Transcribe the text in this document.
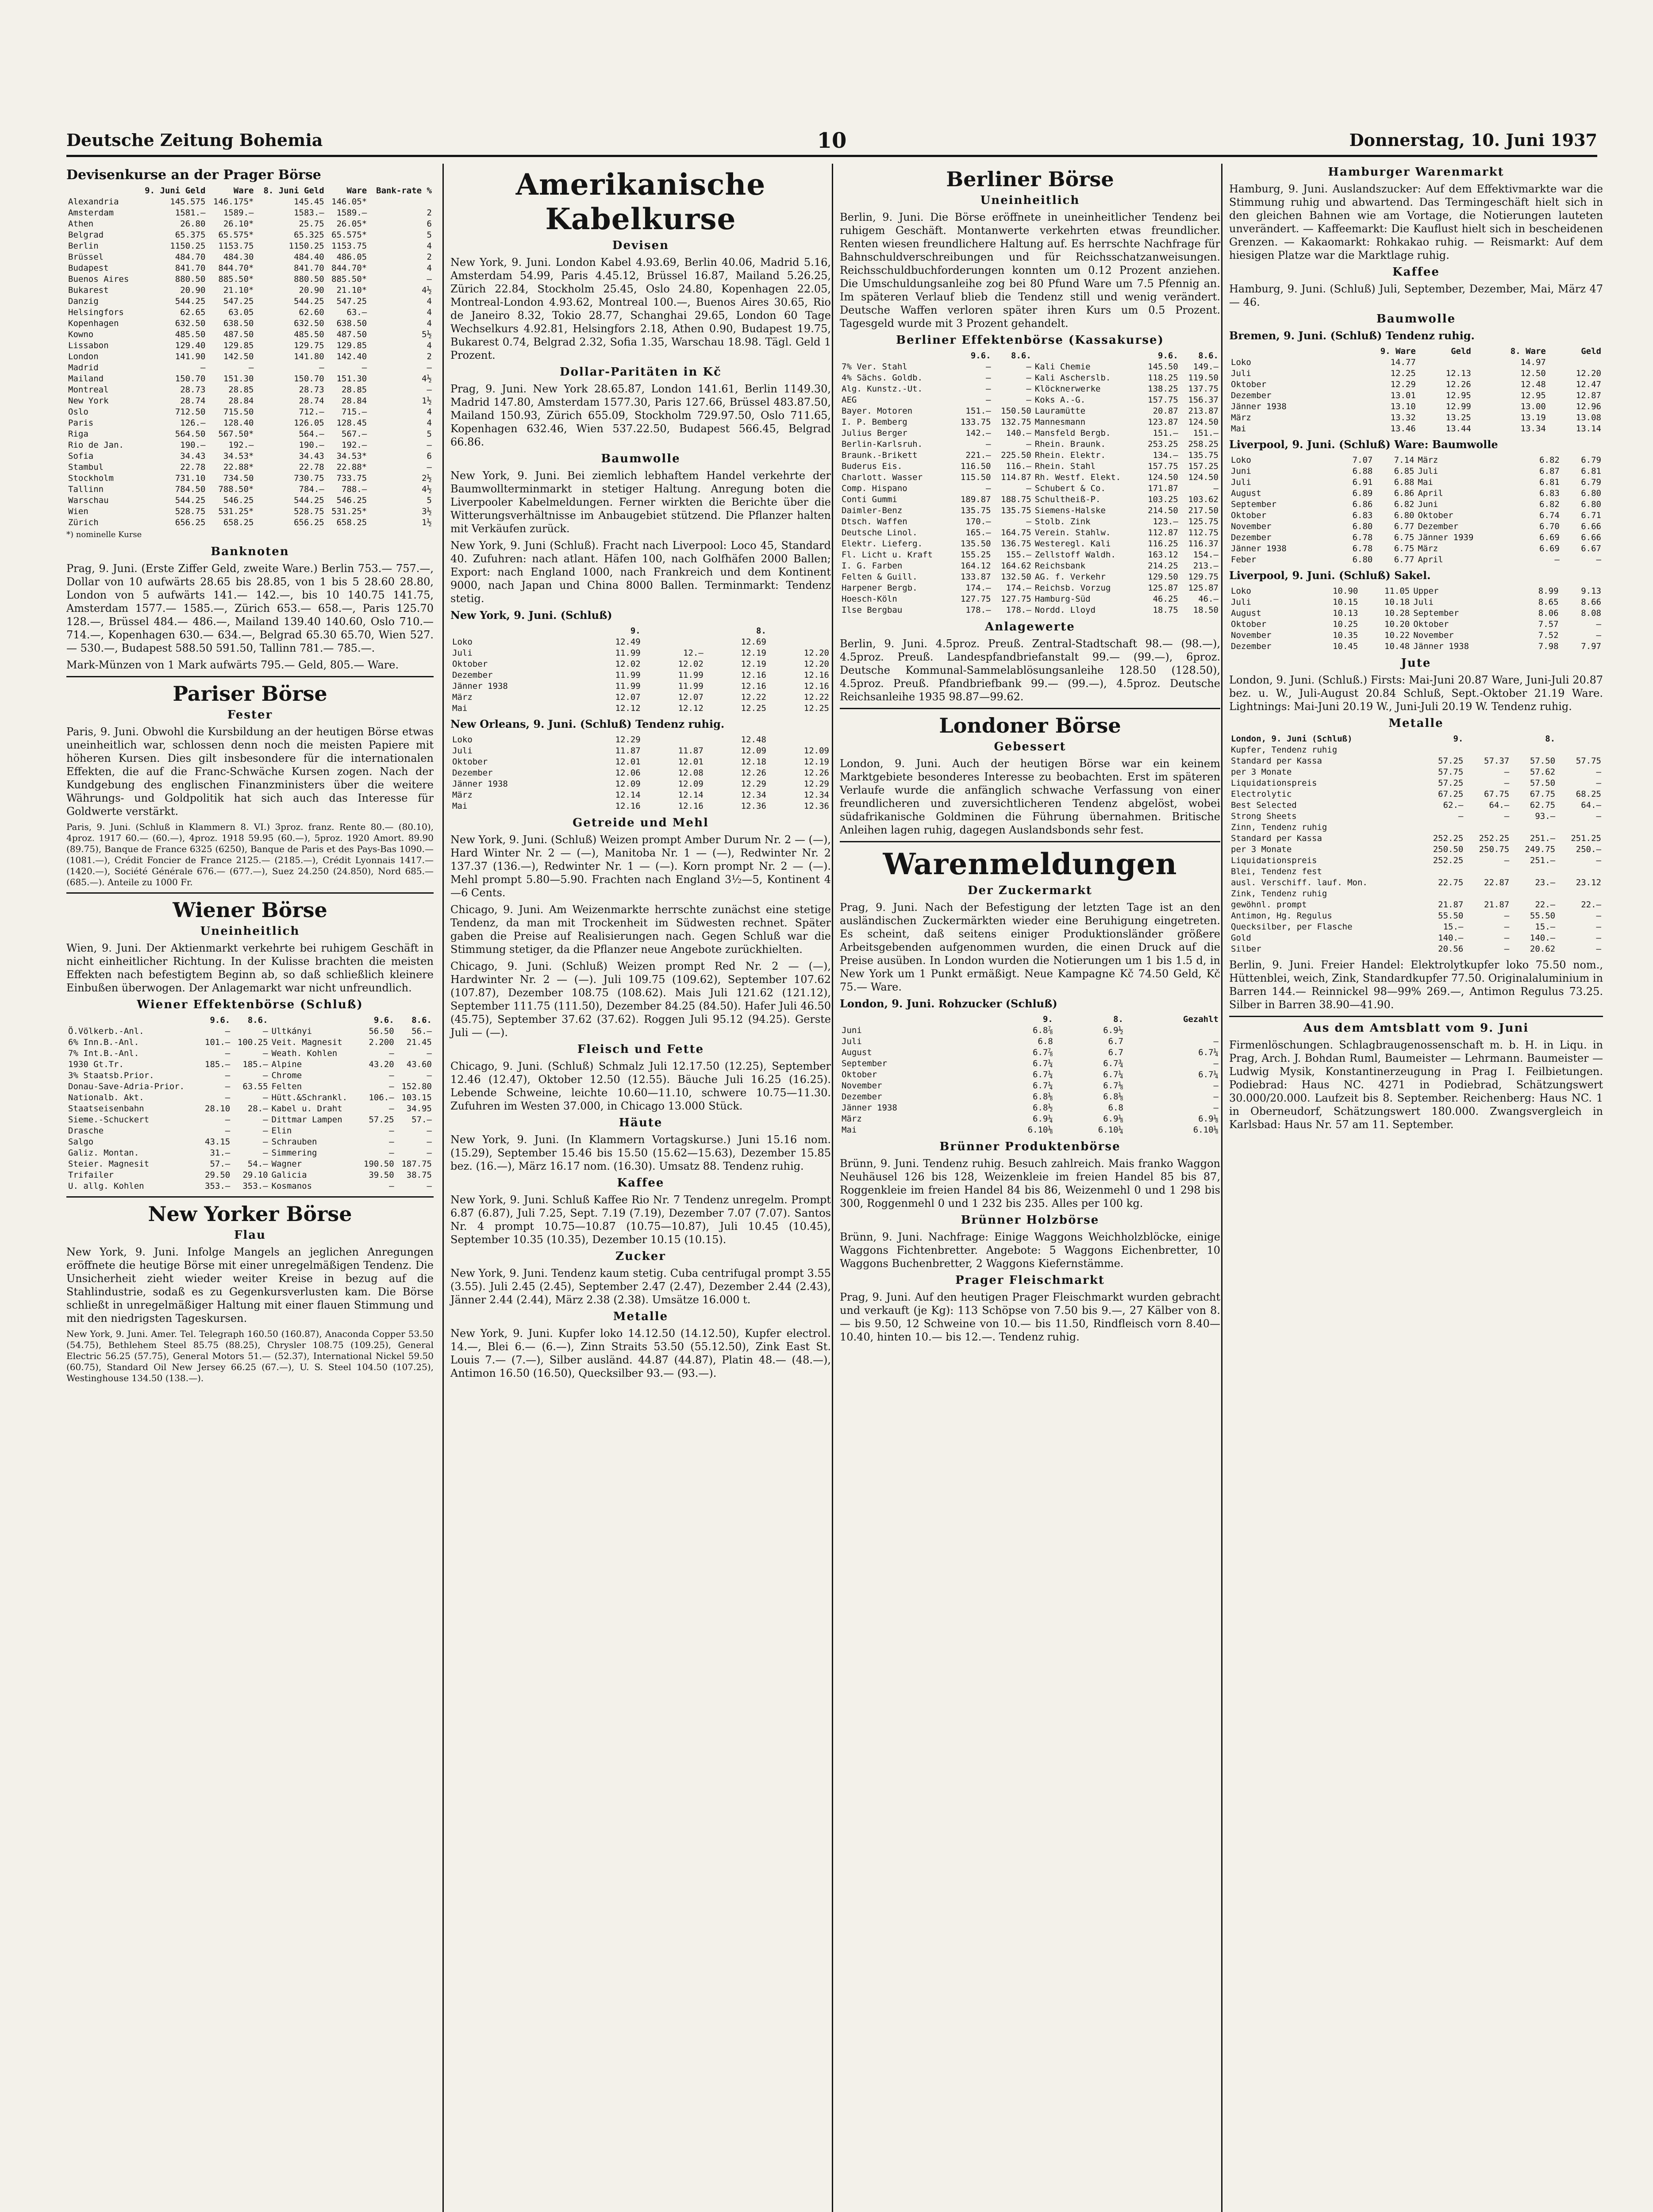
Deutsche Zeitung Bohemia	10	Donnerstag, 10. Juni 1937
Devisenkurse an der Prager Börse
	9. Juni Geld	Ware	8. Juni Geld	Ware	Bank-rate %
Alexandria	145.575	146.175*	145.45	146.05*	
Amsterdam	1581.—	1589.—	1583.—	1589.—	2
Athen	26.80	26.10*	25.75	26.05*	6
Belgrad	65.375	65.575*	65.325	65.575*	5
Berlin	1150.25	1153.75	1150.25	1153.75	4
Brüssel	484.70	484.30	484.40	486.05	2
Budapest	841.70	844.70*	841.70	844.70*	4
Buenos Aires	880.50	885.50*	880.50	885.50*	—
Bukarest	20.90	21.10*	20.90	21.10*	4½
Danzig	544.25	547.25	544.25	547.25	4
Helsingfors	62.65	63.05	62.60	63.—	4
Kopenhagen	632.50	638.50	632.50	638.50	4
Kowno	485.50	487.50	485.50	487.50	5½
Lissabon	129.40	129.85	129.75	129.85	4
London	141.90	142.50	141.80	142.40	2
Madrid	—	—	—	—	—
Mailand	150.70	151.30	150.70	151.30	4½
Montreal	28.73	28.85	28.73	28.85	—
New York	28.74	28.84	28.74	28.84	1½
Oslo	712.50	715.50	712.—	715.—	4
Paris	126.—	128.40	126.05	128.45	4
Riga	564.50	567.50*	564.—	567.—	5
Rio de Jan.	190.—	192.—	190.—	192.—	—
Sofia	34.43	34.53*	34.43	34.53*	6
Stambul	22.78	22.88*	22.78	22.88*	—
Stockholm	731.10	734.50	730.75	733.75	2½
Tallinn	784.50	788.50*	784.—	788.—	4½
Warschau	544.25	546.25	544.25	546.25	5
Wien	528.75	531.25*	528.75	531.25*	3½
Zürich	656.25	658.25	656.25	658.25	1½

*) nominelle Kurse

Banknoten

Prag, 9. Juni. (Erste Ziffer Geld, zweite Ware.) Berlin 753.— 757.—, Dollar von 10 aufwärts 28.65 bis 28.85, von 1 bis 5 28.60 28.80, London von 5 aufwärts 141.— 142.—, bis 10 140.75 141.75, Amsterdam 1577.— 1585.—, Zürich 653.— 658.—, Paris 125.70 128.—, Brüssel 484.— 486.—, Mailand 139.40 140.60, Oslo 710.— 714.—, Kopenhagen 630.— 634.—, Belgrad 65.30 65.70, Wien 527.— 530.—, Budapest 588.50 591.50, Tallinn 781.— 785.—.

Mark-Münzen von 1 Mark aufwärts 795.— Geld, 805.— Ware.

Pariser Börse
Fester

Paris, 9. Juni. Obwohl die Kursbildung an der heutigen Börse etwas uneinheitlich war, schlossen denn noch die meisten Papiere mit höheren Kursen. Dies gilt insbesondere für die internationalen Effekten, die auf die Franc-Schwäche Kursen zogen. Nach der Kundgebung des englischen Finanzministers über die weitere Währungs- und Goldpolitik hat sich auch das Interesse für Goldwerte verstärkt.

Paris, 9. Juni. (Schluß in Klammern 8. VI.) 3proz. franz. Rente 80.— (80.10), 4proz. 1917 60.— (60.—), 4proz. 1918 59.95 (60.—), 5proz. 1920 Amort. 89.90 (89.75), Banque de France 6325 (6250), Banque de Paris et des Pays-Bas 1090.— (1081.—), Crédit Foncier de France 2125.— (2185.—), Crédit Lyonnais 1417.— (1420.—), Société Générale 676.— (677.—), Suez 24.250 (24.850), Nord 685.— (685.—). Anteile zu 1000 Fr.

Wiener Börse
Uneinheitlich

Wien, 9. Juni. Der Aktienmarkt verkehrte bei ruhigem Geschäft in nicht einheitlicher Richtung. In der Kulisse brachten die meisten Effekten nach befestigtem Beginn ab, so daß schließlich kleinere Einbußen überwogen. Der Anlagemarkt war nicht unfreundlich.

Wiener Effektenbörse (Schluß)
	9.6.	8.6.		9.6.	8.6.
Ö.Völkerb.-Anl.	—	—	Ultkányi	56.50	56.—
6% Inn.B.-Anl.	101.—	100.25	Veit. Magnesit	2.200	21.45
7% Int.B.-Anl.	—	—	Weath. Kohlen	—	—
1930 Gt.Tr.	185.—	185.—	Alpine	43.20	43.60
3% Staatsb.Prior.	—	—	Chrome	—	—
Donau-Save-Adria-Prior.	—	63.55	Felten	—	152.80
Nationalb. Akt.	—	—	Hütt.&Schrankl.	106.—	103.15
Staatseisenbahn	28.10	28.—	Kabel u. Draht	—	34.95
Sieme.-Schuckert	—	—	Dittmar Lampen	57.25	57.—
Drasche	—	—	Elin	—	—
Salgo	43.15	—	Schrauben	—	—
Galiz. Montan.	31.—	—	Simmering	—	—
Steier. Magnesit	57.—	54.—	Wagner	190.50	187.75
Trifailer	29.50	29.10	Galicia	39.50	38.75
U. allg. Kohlen	353.—	353.—	Kosmanos	—	—
New Yorker Börse
Flau

New York, 9. Juni. Infolge Mangels an jeglichen Anregungen eröffnete die heutige Börse mit einer unregelmäßigen Tendenz. Die Unsicherheit zieht wieder weiter Kreise in bezug auf die Stahlindustrie, sodaß es zu Gegenkursverlusten kam. Die Börse schließt in unregelmäßiger Haltung mit einer flauen Stimmung und mit den niedrigsten Tageskursen.

New York, 9. Juni. Amer. Tel. Telegraph 160.50 (160.87), Anaconda Copper 53.50 (54.75), Bethlehem Steel 85.75 (88.25), Chrysler 108.75 (109.25), General Electric 56.25 (57.75), General Motors 51.— (52.37), International Nickel 59.50 (60.75), Standard Oil New Jersey 66.25 (67.—), U. S. Steel 104.50 (107.25), Westinghouse 134.50 (138.—).

Amerikanische Kabelkurse
Devisen

New York, 9. Juni. London Kabel 4.93.69, Berlin 40.06, Madrid 5.16, Amsterdam 54.99, Paris 4.45.12, Brüssel 16.87, Mailand 5.26.25, Zürich 22.84, Stockholm 25.45, Oslo 24.80, Kopenhagen 22.05, Montreal-London 4.93.62, Montreal 100.—, Buenos Aires 30.65, Rio de Janeiro 8.32, Tokio 28.77, Schanghai 29.65, London 60 Tage Wechselkurs 4.92.81, Helsingfors 2.18, Athen 0.90, Budapest 19.75, Bukarest 0.74, Belgrad 2.32, Sofia 1.35, Warschau 18.98. Tägl. Geld 1 Prozent.

Dollar-Paritäten in Kč

Prag, 9. Juni. New York 28.65.87, London 141.61, Berlin 1149.30, Madrid 147.80, Amsterdam 1577.30, Paris 127.66, Brüssel 483.87.50, Mailand 150.93, Zürich 655.09, Stockholm 729.97.50, Oslo 711.65, Kopenhagen 632.46, Wien 537.22.50, Budapest 566.45, Belgrad 66.86.

Baumwolle

New York, 9. Juni. Bei ziemlich lebhaftem Handel verkehrte der Baumwollterminmarkt in stetiger Haltung. Anregung boten die Liverpooler Kabelmeldungen. Ferner wirkten die Berichte über die Witterungsverhältnisse im Anbaugebiet stützend. Die Pflanzer halten mit Verkäufen zurück.

New York, 9. Juni (Schluß). Fracht nach Liverpool: Loco 45, Standard 40. Zufuhren: nach atlant. Häfen 100, nach Golfhäfen 2000 Ballen; Export: nach England 1000, nach Frankreich und dem Kontinent 9000, nach Japan und China 8000 Ballen. Terminmarkt: Tendenz stetig.

New York, 9. Juni. (Schluß)

	9.		8.	
Loko	12.49		12.69	
Juli	11.99	12.—	12.19	12.20
Oktober	12.02	12.02	12.19	12.20
Dezember	11.99	11.99	12.16	12.16
Jänner 1938	11.99	11.99	12.16	12.16
März	12.07	12.07	12.22	12.22
Mai	12.12	12.12	12.25	12.25

New Orleans, 9. Juni. (Schluß) Tendenz ruhig.

Loko	12.29		12.48	
Juli	11.87	11.87	12.09	12.09
Oktober	12.01	12.01	12.18	12.19
Dezember	12.06	12.08	12.26	12.26
Jänner 1938	12.09	12.09	12.29	12.29
März	12.14	12.14	12.34	12.34
Mai	12.16	12.16	12.36	12.36
Getreide und Mehl

New York, 9. Juni. (Schluß) Weizen prompt Amber Durum Nr. 2 — (—), Hard Winter Nr. 2 — (—), Manitoba Nr. 1 — (—), Redwinter Nr. 2 137.37 (136.—), Redwinter Nr. 1 — (—). Korn prompt Nr. 2 — (—). Mehl prompt 5.80—5.90. Frachten nach England 3½—5, Kontinent 4—6 Cents.

Chicago, 9. Juni. Am Weizenmarkte herrschte zunächst eine stetige Tendenz, da man mit Trockenheit im Südwesten rechnet. Später gaben die Preise auf Realisierungen nach. Gegen Schluß war die Stimmung stetiger, da die Pflanzer neue Angebote zurückhielten.

Chicago, 9. Juni. (Schluß) Weizen prompt Red Nr. 2 — (—), Hardwinter Nr. 2 — (—). Juli 109.75 (109.62), September 107.62 (107.87), Dezember 108.75 (108.62). Mais Juli 121.62 (121.12), September 111.75 (111.50), Dezember 84.25 (84.50). Hafer Juli 46.50 (45.75), September 37.62 (37.62). Roggen Juli 95.12 (94.25). Gerste Juli — (—).

Fleisch und Fette

Chicago, 9. Juni. (Schluß) Schmalz Juli 12.17.50 (12.25), September 12.46 (12.47), Oktober 12.50 (12.55). Bäuche Juli 16.25 (16.25). Lebende Schweine, leichte 10.60—11.10, schwere 10.75—11.30. Zufuhren im Westen 37.000, in Chicago 13.000 Stück.

Häute

New York, 9. Juni. (In Klammern Vortagskurse.) Juni 15.16 nom. (15.29), September 15.46 bis 15.50 (15.62—15.63), Dezember 15.85 bez. (16.—), März 16.17 nom. (16.30). Umsatz 88. Tendenz ruhig.

Kaffee

New York, 9. Juni. Schluß Kaffee Rio Nr. 7 Tendenz unregelm. Prompt 6.87 (6.87), Juli 7.25, Sept. 7.19 (7.19), Dezember 7.07 (7.07). Santos Nr. 4 prompt 10.75—10.87 (10.75—10.87), Juli 10.45 (10.45), September 10.35 (10.35), Dezember 10.15 (10.15).

Zucker

New York, 9. Juni. Tendenz kaum stetig. Cuba centrifugal prompt 3.55 (3.55). Juli 2.45 (2.45), September 2.47 (2.47), Dezember 2.44 (2.43), Jänner 2.44 (2.44), März 2.38 (2.38). Umsätze 16.000 t.

Metalle

New York, 9. Juni. Kupfer loko 14.12.50 (14.12.50), Kupfer electrol. 14.—, Blei 6.— (6.—), Zinn Straits 53.50 (55.12.50), Zink East St. Louis 7.— (7.—), Silber ausländ. 44.87 (44.87), Platin 48.— (48.—), Antimon 16.50 (16.50), Quecksilber 93.— (93.—).

Berliner Börse
Uneinheitlich

Berlin, 9. Juni. Die Börse eröffnete in uneinheitlicher Tendenz bei ruhigem Geschäft. Montanwerte verkehrten etwas freundlicher. Renten wiesen freundlichere Haltung auf. Es herrschte Nachfrage für Bahnschuldverschreibungen und für Reichsschatzanweisungen. Reichsschuldbuchforderungen konnten um 0.12 Prozent anziehen. Die Umschuldungsanleihe zog bei 80 Pfund Ware um 7.5 Pfennig an. Im späteren Verlauf blieb die Tendenz still und wenig verändert. Deutsche Waffen verloren später ihren Kurs um 0.5 Prozent. Tagesgeld wurde mit 3 Prozent gehandelt.

Berliner Effektenbörse (Kassakurse)
	9.6.	8.6.		9.6.	8.6.
7% Ver. Stahl	—	—	Kali Chemie	145.50	149.—
4% Sächs. Goldb.	—	—	Kali Ascherslb.	118.25	119.50
Alg. Kunstz.-Ut.	—	—	Klöcknerwerke	138.25	137.75
AEG	—	—	Koks A.-G.	157.75	156.37
Bayer. Motoren	151.—	150.50	Lauramütte	20.87	213.87
I. P. Bemberg	133.75	132.75	Mannesmann	123.87	124.50
Julius Berger	142.—	140.—	Mansfeld Bergb.	151.—	151.—
Berlin-Karlsruh.	—	—	Rhein. Braunk.	253.25	258.25
Braunk.-Brikett	221.—	225.50	Rhein. Elektr.	134.—	135.75
Buderus Eis.	116.50	116.—	Rhein. Stahl	157.75	157.25
Charlott. Wasser	115.50	114.87	Rh. Westf. Elekt.	124.50	124.50
Comp. Hispano	—	—	Schubert & Co.	171.87	—
Conti Gummi	189.87	188.75	Schultheiß-P.	103.25	103.62
Daimler-Benz	135.75	135.75	Siemens-Halske	214.50	217.50
Dtsch. Waffen	170.—	—	Stolb. Zink	123.—	125.75
Deutsche Linol.	165.—	164.75	Verein. Stahlw.	112.87	112.75
Elektr. Lieferg.	135.50	136.75	Westeregl. Kali	116.25	116.37
Fl. Licht u. Kraft	155.25	155.—	Zellstoff Waldh.	163.12	154.—
I. G. Farben	164.12	164.62	Reichsbank	214.25	213.—
Felten & Guill.	133.87	132.50	AG. f. Verkehr	129.50	129.75
Harpener Bergb.	174.—	174.—	Reichsb. Vorzug	125.87	125.87
Hoesch-Köln	127.75	127.75	Hamburg-Süd	46.25	46.—
Ilse Bergbau	178.—	178.—	Nordd. Lloyd	18.75	18.50
Anlagewerte

Berlin, 9. Juni. 4.5proz. Preuß. Zentral-Stadtschaft 98.— (98.—), 4.5proz. Preuß. Landespfandbriefanstalt 99.— (99.—), 6proz. Deutsche Kommunal-Sammelablösungsanleihe 128.50 (128.50), 4.5proz. Preuß. Pfandbriefbank 99.— (99.—), 4.5proz. Deutsche Reichsanleihe 1935 98.87—99.62.

Londoner Börse
Gebessert

London, 9. Juni. Auch der heutigen Börse war ein keinem Marktgebiete besonderes Interesse zu beobachten. Erst im späteren Verlaufe wurde die anfänglich schwache Verfassung von einer freundlicheren und zuversichtlicheren Tendenz abgelöst, wobei südafrikanische Goldminen die Führung übernahmen. Britische Anleihen lagen ruhig, dagegen Auslandsbonds sehr fest.

Warenmeldungen
Der Zuckermarkt

Prag, 9. Juni. Nach der Befestigung der letzten Tage ist an den ausländischen Zuckermärkten wieder eine Beruhigung eingetreten. Es scheint, daß seitens einiger Produktionsländer größere Arbeitsgebenden aufgenommen wurden, die einen Druck auf die Preise ausüben. In London wurden die Notierungen um 1 bis 1.5 d, in New York um 1 Punkt ermäßigt. Neue Kampagne Kč 74.50 Geld, Kč 75.— Ware.

London, 9. Juni. Rohzucker (Schluß)

	9.	8.	Gezahlt
Juni	6.8⅞	6.9½	
Juli	6.8	6.7	—
August	6.7⅞	6.7	6.7¼
September	6.7¼	6.7¾	—
Oktober	6.7¼	6.7¼	6.7¼
November	6.7¼	6.7⅛	—
Dezember	6.8⅛	6.8⅛	—
Jänner 1938	6.8½	6.8	—
März	6.9¼	6.9⅛	6.9⅛
Mai	6.10⅛	6.10¼	6.10⅛
Brünner Produktenbörse

Brünn, 9. Juni. Tendenz ruhig. Besuch zahlreich. Mais franko Waggon Neuhäusel 126 bis 128, Weizenkleie im freien Handel 85 bis 87, Roggenkleie im freien Handel 84 bis 86, Weizenmehl 0 und 1 298 bis 300, Roggenmehl 0 und 1 232 bis 235. Alles per 100 kg.

Brünner Holzbörse

Brünn, 9. Juni. Nachfrage: Einige Waggons Weichholzblöcke, einige Waggons Fichtenbretter. Angebote: 5 Waggons Eichenbretter, 10 Waggons Buchenbretter, 2 Waggons Kiefernstämme.

Prager Fleischmarkt

Prag, 9. Juni. Auf den heutigen Prager Fleischmarkt wurden gebracht und verkauft (je Kg): 113 Schöpse von 7.50 bis 9.—, 27 Kälber von 8.— bis 9.50, 12 Schweine von 10.— bis 11.50, Rindfleisch vorn 8.40—10.40, hinten 10.— bis 12.—. Tendenz ruhig.

Hamburger Warenmarkt

Hamburg, 9. Juni. Auslandszucker: Auf dem Effektivmarkte war die Stimmung ruhig und abwartend. Das Termingeschäft hielt sich in den gleichen Bahnen wie am Vortage, die Notierungen lauteten unverändert. — Kaffeemarkt: Die Kauflust hielt sich in bescheidenen Grenzen. — Kakaomarkt: Rohkakao ruhig. — Reismarkt: Auf dem hiesigen Platze war die Marktlage ruhig.

Kaffee

Hamburg, 9. Juni. (Schluß) Juli, September, Dezember, Mai, März 47 — 46.

Baumwolle

Bremen, 9. Juni. (Schluß) Tendenz ruhig.

	9. Ware	Geld	8. Ware	Geld
Loko	14.77		14.97	
Juli	12.25	12.13	12.50	12.20
Oktober	12.29	12.26	12.48	12.47
Dezember	13.01	12.95	12.95	12.87
Jänner 1938	13.10	12.99	13.00	12.96
März	13.32	13.25	13.19	13.08
Mai	13.46	13.44	13.34	13.14

Liverpool, 9. Juni. (Schluß) Ware: Baumwolle

Loko	7.07	7.14	März	6.82	6.79
Juni	6.88	6.85	Juli	6.87	6.81
Juli	6.91	6.88	Mai	6.81	6.79
August	6.89	6.86	April	6.83	6.80
September	6.86	6.82	Juni	6.82	6.80
Oktober	6.83	6.80	Oktober	6.74	6.71
November	6.80	6.77	Dezember	6.70	6.66
Dezember	6.78	6.75	Jänner 1939	6.69	6.66
Jänner 1938	6.78	6.75	März	6.69	6.67
Feber	6.80	6.77	April	—	—

Liverpool, 9. Juni. (Schluß) Sakel.

Loko	10.90	11.05	Upper	8.99	9.13
Juli	10.15	10.18	Juli	8.65	8.66
August	10.13	10.28	September	8.06	8.08
Oktober	10.25	10.20	Oktober	7.57	—
November	10.35	10.22	November	7.52	—
Dezember	10.45	10.48	Jänner 1938	7.98	7.97
Jute

London, 9. Juni. (Schluß.) Firsts: Mai-Juni 20.87 Ware, Juni-Juli 20.87 bez. u. W., Juli-August 20.84 Schluß, Sept.-Oktober 21.19 Ware. Lightnings: Mai-Juni 20.19 W., Juni-Juli 20.19 W. Tendenz ruhig.

Metalle
London, 9. Juni (Schluß)	9.		8.	
Kupfer, Tendenz ruhig				
Standard per Kassa	57.25	57.37	57.50	57.75
per 3 Monate	57.75	—	57.62	—
Liquidationspreis	57.25	—	57.50	—
Electrolytic	67.25	67.75	67.75	68.25
Best Selected	62.—	64.—	62.75	64.—
Strong Sheets	—	—	93.—	—
Zinn, Tendenz ruhig				
Standard per Kassa	252.25	252.25	251.—	251.25
per 3 Monate	250.50	250.75	249.75	250.—
Liquidationspreis	252.25	—	251.—	—
Blei, Tendenz fest				
ausl. Verschiff. lauf. Mon.	22.75	22.87	23.—	23.12
Zink, Tendenz ruhig				
gewöhnl. prompt	21.87	21.87	22.—	22.—
Antimon, Hg. Regulus	55.50	—	55.50	—
Quecksilber, per Flasche	15.—	—	15.—	—
Gold	140.—	—	140.—	—
Silber	20.56	—	20.62	—

Berlin, 9. Juni. Freier Handel: Elektrolytkupfer loko 75.50 nom., Hüttenblei, weich, Zink, Standardkupfer 77.50. Originalaluminium in Barren 144.— Reinnickel 98—99% 269.—, Antimon Regulus 73.25. Silber in Barren 38.90—41.90.

Aus dem Amtsblatt vom 9. Juni

Firmenlöschungen. Schlagbraugenossenschaft m. b. H. in Liqu. in Prag, Arch. J. Bohdan Ruml, Baumeister — Lehrmann. Baumeister — Ludwig Mysik, Konstantinerzeugung in Prag I. Feilbietungen. Podiebrad: Haus NC. 4271 in Podiebrad, Schätzungswert 30.000/20.000. Laufzeit bis 8. September. Reichenberg: Haus NC. 1 in Oberneudorf, Schätzungswert 180.000. Zwangsvergleich in Karlsbad: Haus Nr. 57 am 11. September.
